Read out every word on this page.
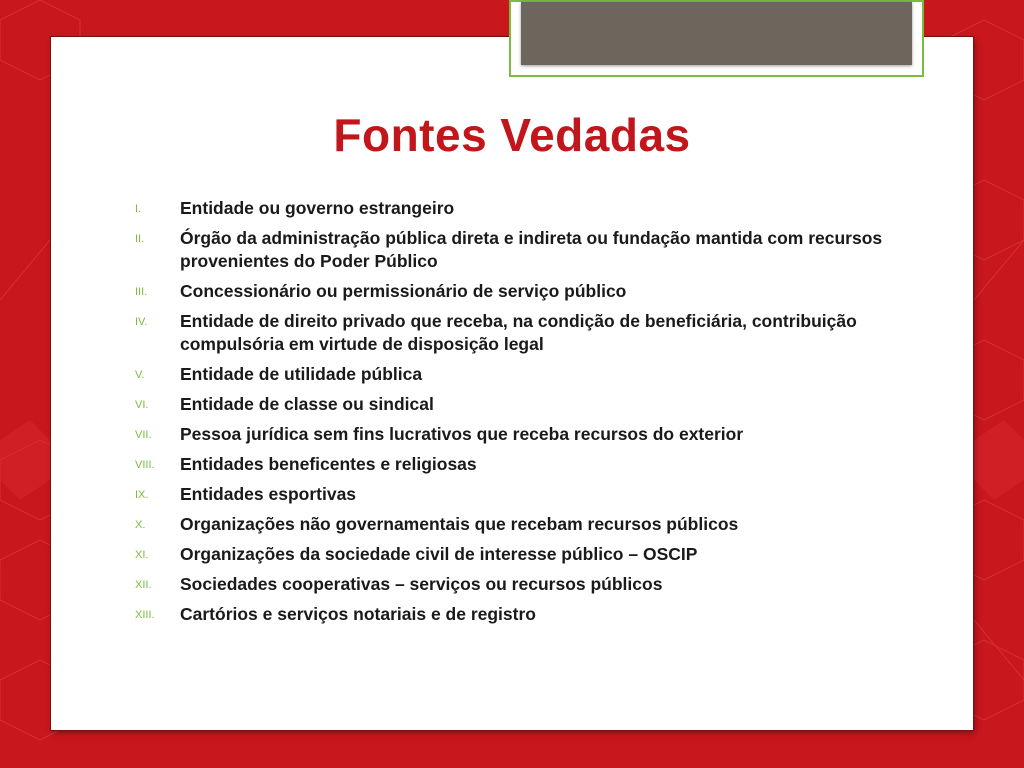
Fontes Vedadas
I.	Entidade ou governo estrangeiro
II.	Órgão da administração pública direta e indireta ou fundação mantida com recursos provenientes do Poder Público
III.	Concessionário ou permissionário de serviço público
IV.	Entidade de direito privado que receba, na condição de beneficiária, contribuição compulsória em virtude de disposição legal
V.	Entidade de utilidade pública
VI.	Entidade de classe ou sindical
VII.	Pessoa jurídica sem fins lucrativos que receba recursos do exterior
VIII.	Entidades beneficentes e religiosas
IX.	Entidades esportivas
X.	Organizações não governamentais que recebam recursos públicos
XI.	Organizações da sociedade civil de interesse público – OSCIP
XII.	Sociedades cooperativas – serviços ou recursos públicos
XIII.	Cartórios e serviços notariais e de registro
